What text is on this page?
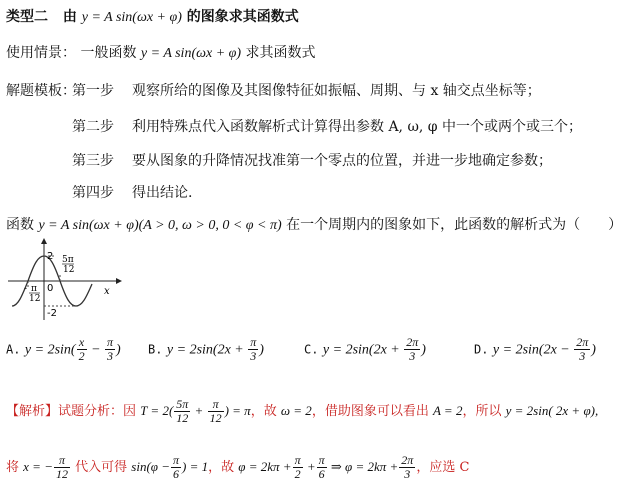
类型二 由 y = A sin(ωx + φ) 的图象求其函数式
使用情景： 一般函数 y = A sin(ωx + φ) 求其函数式
解题模板：
第一步 观察所给的图像及其图像特征如振幅、周期、与 x 轴交点坐标等；
第二步 利用特殊点代入函数解析式计算得出参数 A, ω, φ 中一个或两个或三个；
第三步 要从图象的升降情况找准第一个零点的位置，并进一步地确定参数；
第四步 得出结论.
函数 y = A sin(ωx + φ)(A > 0, ω > 0, 0 < φ < π) 在一个周期内的图象如下，此函数的解析式为（　　）
2
-2
0	x
5π
12
- π
12
A. $y = 2\sin( \frac{x}{2} - \frac{\pi}{3}$ ) B. $y = 2\sin(2x + \frac{\pi}{3}$ )	C. $y = 2\sin(2x + \frac{2\pi}{3}$ )	D. $y = 2\sin(2x - \frac{2\pi}{3}$ )
【解析】试题分析：因 $T = 2( \frac{5\pi}{12} + \frac{\pi}{12}$ ) = π，故 ω = 2，借助图象可以看出 A = 2，所以 y = 2sin( 2x + φ),
将 x = − $\frac{\pi}{12}$ 代入可得 $\sin(\varphi - \frac{\pi}{6}$ ) = 1，故 $\varphi = 2k\pi + \frac{\pi}{2} + \frac{\pi}{6}$ ⇒ $\varphi = 2k\pi + \frac{2\pi}{3}$ ，应选 C
